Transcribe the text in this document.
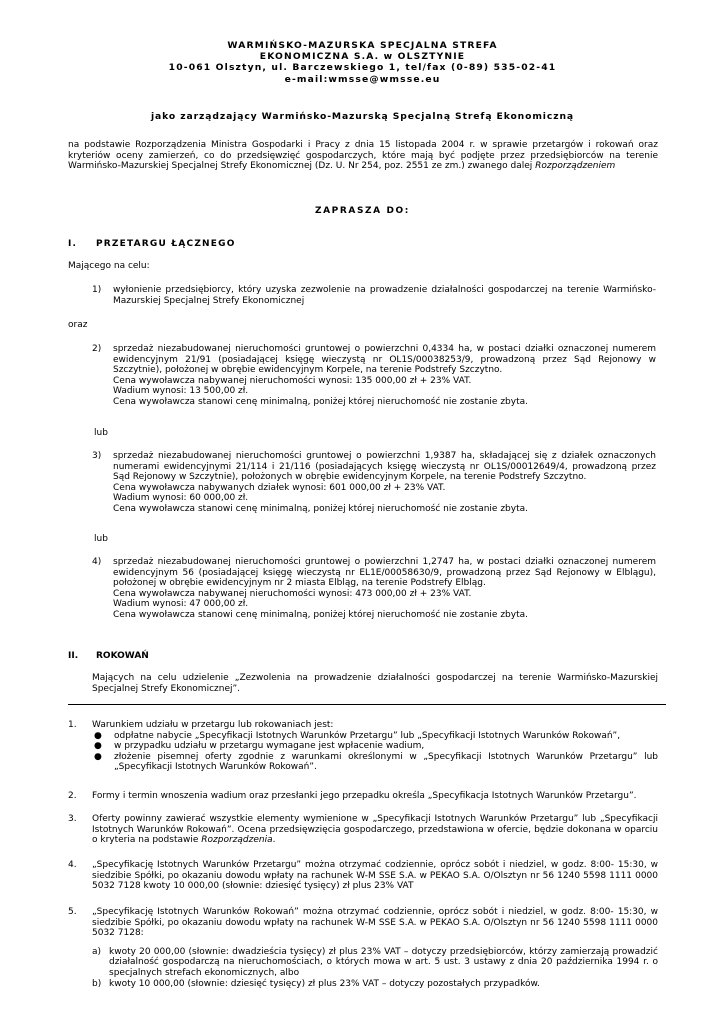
WARMIŃSKO-MAZURSKA SPECJALNA STREFA
EKONOMICZNA S.A. w OLSZTYNIE
10-061 Olsztyn, ul. Barczewskiego 1, tel/fax (0-89) 535-02-41
e-mail:wmsse@wmsse.eu
jako zarządzający Warmińsko-Mazurską Specjalną Strefą Ekonomiczną
na podstawie Rozporządzenia Ministra Gospodarki i Pracy z dnia 15 listopada 2004 r. w sprawie przetargów i rokowań oraz kryteriów oceny zamierzeń, co do przedsięwzięć gospodarczych, które mają być podjęte przez przedsiębiorców na terenie Warmińsko-Mazurskiej Specjalnej Strefy Ekonomicznej (Dz. U. Nr 254, poz. 2551 ze zm.) zwanego dalej Rozporządzeniem
ZAPRASZA DO:
I. PRZETARGU ŁĄCZNEGO
Mającego na celu:
1) wyłonienie przedsiębiorcy, który uzyska zezwolenie na prowadzenie działalności gospodarczej na terenie Warmińsko-Mazurskiej Specjalnej Strefy Ekonomicznej
oraz
2) sprzedaż niezabudowanej nieruchomości gruntowej o powierzchni 0,4334 ha, w postaci działki oznaczonej numerem ewidencyjnym 21/91 (posiadającej księgę wieczystą nr OL1S/00038253/9, prowadzoną przez Sąd Rejonowy w Szczytnie), położonej w obrębie ewidencyjnym Korpele, na terenie Podstrefy Szczytno.
Cena wywoławcza nabywanej nieruchomości wynosi: 135 000,00 zł + 23% VAT.
Wadium wynosi: 13 500,00 zł.
Cena wywoławcza stanowi cenę minimalną, poniżej której nieruchomość nie zostanie zbyta.
lub
3) sprzedaż niezabudowanej nieruchomości gruntowej o powierzchni 1,9387 ha, składającej się z działek oznaczonych numerami ewidencyjnymi 21/114 i 21/116 (posiadających księgę wieczystą nr OL1S/00012649/4, prowadzoną przez Sąd Rejonowy w Szczytnie), położonych w obrębie ewidencyjnym Korpele, na terenie Podstrefy Szczytno.
Cena wywoławcza nabywanych działek wynosi: 601 000,00 zł + 23% VAT.
Wadium wynosi: 60 000,00 zł.
Cena wywoławcza stanowi cenę minimalną, poniżej której nieruchomość nie zostanie zbyta.
lub
4) sprzedaż niezabudowanej nieruchomości gruntowej o powierzchni 1,2747 ha, w postaci działki oznaczonej numerem ewidencyjnym 56 (posiadającej księgę wieczystą nr EL1E/00058630/9, prowadzoną przez Sąd Rejonowy w Elblągu), położonej w obrębie ewidencyjnym nr 2 miasta Elbląg, na terenie Podstrefy Elbląg.
Cena wywoławcza nabywanej nieruchomości wynosi: 473 000,00 zł + 23% VAT.
Wadium wynosi: 47 000,00 zł.
Cena wywoławcza stanowi cenę minimalną, poniżej której nieruchomość nie zostanie zbyta.
II. ROKOWAŃ
Mających na celu udzielenie „Zezwolenia na prowadzenie działalności gospodarczej na terenie Warmińsko-Mazurskiej Specjalnej Strefy Ekonomicznej”.
1. Warunkiem udziału w przetargu lub rokowaniach jest:
● odpłatne nabycie „Specyfikacji Istotnych Warunków Przetargu” lub „Specyfikacji Istotnych Warunków Rokowań”,
● w przypadku udziału w przetargu wymagane jest wpłacenie wadium,
● złożenie pisemnej oferty zgodnie z warunkami określonymi w „Specyfikacji Istotnych Warunków Przetargu” lub „Specyfikacji Istotnych Warunków Rokowań”.
2. Formy i termin wnoszenia wadium oraz przesłanki jego przepadku określa „Specyfikacja Istotnych Warunków Przetargu”.
3. Oferty powinny zawierać wszystkie elementy wymienione w „Specyfikacji Istotnych Warunków Przetargu” lub „Specyfikacji Istotnych Warunków Rokowań”. Ocena przedsięwzięcia gospodarczego, przedstawiona w ofercie, będzie dokonana w oparciu o kryteria na podstawie Rozporządzenia.
4. „Specyfikację Istotnych Warunków Przetargu” można otrzymać codziennie, oprócz sobót i niedziel, w godz. 8:00- 15:30, w siedzibie Spółki, po okazaniu dowodu wpłaty na rachunek W-M SSE S.A. w PEKAO S.A. O/Olsztyn nr 56 1240 5598 1111 0000 5032 7128 kwoty 10 000,00 (słownie: dziesięć tysięcy) zł plus 23% VAT
5. „Specyfikację Istotnych Warunków Rokowań” można otrzymać codziennie, oprócz sobót i niedziel, w godz. 8:00- 15:30, w siedzibie Spółki, po okazaniu dowodu wpłaty na rachunek W-M SSE S.A. w PEKAO S.A. O/Olsztyn nr 56 1240 5598 1111 0000 5032 7128:
a) kwoty 20 000,00 (słownie: dwadzieścia tysięcy) zł plus 23% VAT – dotyczy przedsiębiorców, którzy zamierzają prowadzić działalność gospodarczą na nieruchomościach, o których mowa w art. 5 ust. 3 ustawy z dnia 20 października 1994 r. o specjalnych strefach ekonomicznych, albo
b) kwoty 10 000,00 (słownie: dziesięć tysięcy) zł plus 23% VAT – dotyczy pozostałych przypadków.
